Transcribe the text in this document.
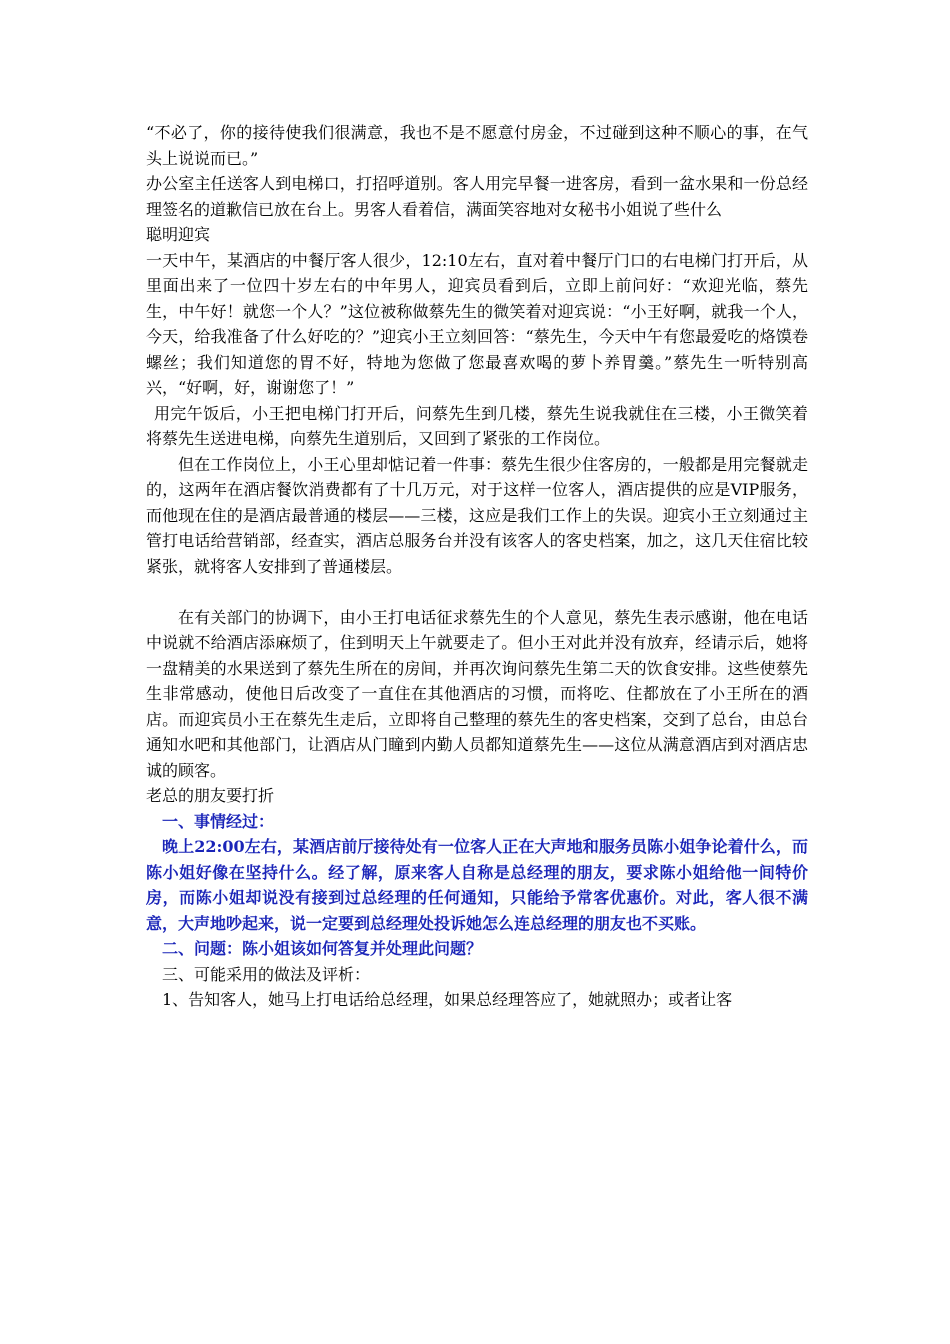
“不必了，你的接待使我们很满意，我也不是不愿意付房金，不过碰到这种不顺心的事，在气头上说说而已。”

办公室主任送客人到电梯口，打招呼道别。客人用完早餐一进客房，看到一盆水果和一份总经理签名的道歉信已放在台上。男客人看着信，满面笑容地对女秘书小姐说了些什么

聪明迎宾

一天中午，某酒店的中餐厅客人很少，12:10左右，直对着中餐厅门口的右电梯门打开后，从里面出来了一位四十岁左右的中年男人，迎宾员看到后，立即上前问好：“欢迎光临，蔡先生，中午好！就您一个人？”这位被称做蔡先生的微笑着对迎宾说：“小王好啊，就我一个人，今天，给我准备了什么好吃的？”迎宾小王立刻回答：“蔡先生，今天中午有您最爱吃的烙馍卷螺丝；我们知道您的胃不好，特地为您做了您最喜欢喝的萝卜养胃羹。”蔡先生一听特别高兴，“好啊，好，谢谢您了！”

用完午饭后，小王把电梯门打开后，问蔡先生到几楼，蔡先生说我就住在三楼，小王微笑着将蔡先生送进电梯，向蔡先生道别后，又回到了紧张的工作岗位。

但在工作岗位上，小王心里却惦记着一件事：蔡先生很少住客房的，一般都是用完餐就走的，这两年在酒店餐饮消费都有了十几万元，对于这样一位客人，酒店提供的应是VIP服务，而他现在住的是酒店最普通的楼层——三楼，这应是我们工作上的失误。迎宾小王立刻通过主管打电话给营销部，经查实，酒店总服务台并没有该客人的客史档案，加之，这几天住宿比较紧张，就将客人安排到了普通楼层。

在有关部门的协调下，由小王打电话征求蔡先生的个人意见，蔡先生表示感谢，他在电话中说就不给酒店添麻烦了，住到明天上午就要走了。但小王对此并没有放弃，经请示后，她将一盘精美的水果送到了蔡先生所在的房间，并再次询问蔡先生第二天的饮食安排。这些使蔡先生非常感动，使他日后改变了一直住在其他酒店的习惯，而将吃、住都放在了小王所在的酒店。而迎宾员小王在蔡先生走后，立即将自己整理的蔡先生的客史档案，交到了总台，由总台通知水吧和其他部门，让酒店从门瞳到内勤人员都知道蔡先生——这位从满意酒店到对酒店忠诚的顾客。

老总的朋友要打折

一、事情经过：

晚上22:00左右，某酒店前厅接待处有一位客人正在大声地和服务员陈小姐争论着什么，而陈小姐好像在坚持什么。经了解，原来客人自称是总经理的朋友，要求陈小姐给他一间特价房，而陈小姐却说没有接到过总经理的任何通知，只能给予常客优惠价。对此，客人很不满意，大声地吵起来，说一定要到总经理处投诉她怎么连总经理的朋友也不买账。

二、问题：陈小姐该如何答复并处理此问题？

三、可能采用的做法及评析：

1、告知客人，她马上打电话给总经理，如果总经理答应了，她就照办；或者让客
